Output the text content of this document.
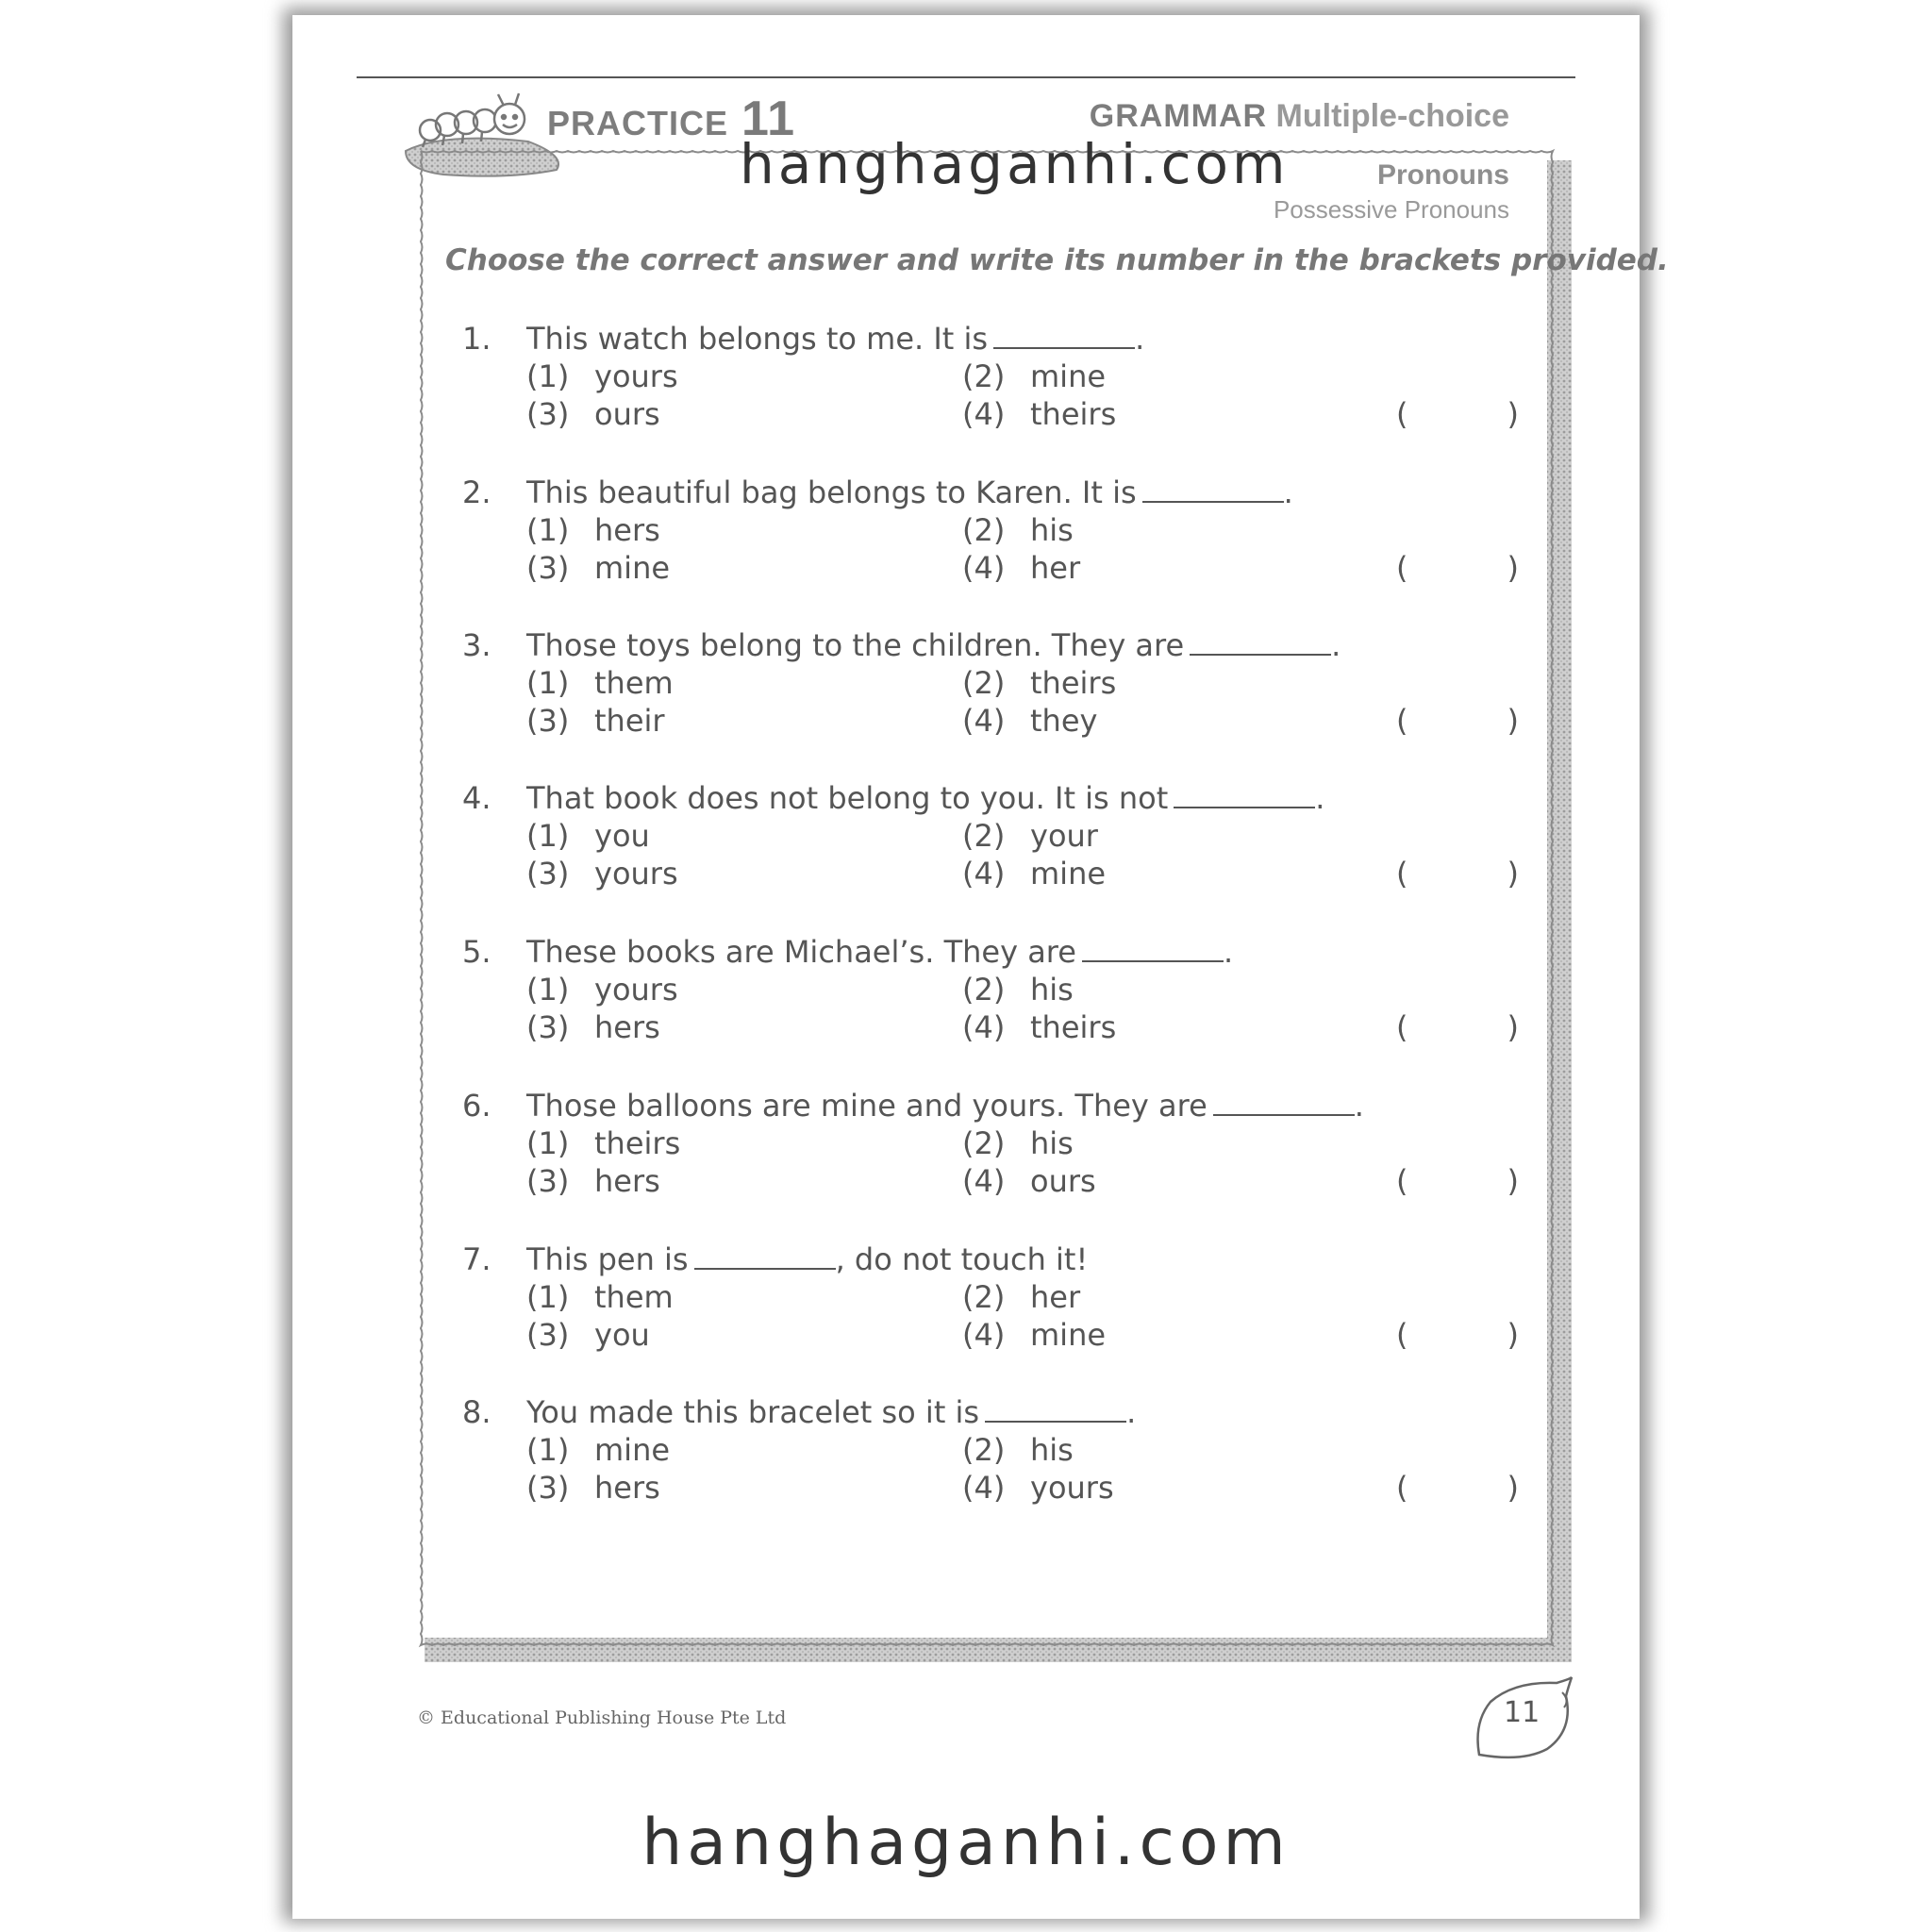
PRACTICE 11	GRAMMAR Multiple-choice
Pronouns
Possessive Pronouns
hanghaganhi.com
Choose the correct answer and write its number in the brackets provided.
1. This watch belongs to me. It is	.
(1) yours	(2) mine
(3) ours	(4) theirs	(	)
2. This beautiful bag belongs to Karen. It is	.
(1) hers	(2) his
(3) mine	(4) her	(	)
3. Those toys belong to the children. They are	.
(1) them	(2) theirs
(3) their	(4) they	(	)
4. That book does not belong to you. It is not	.
(1) you	(2) your
(3) yours	(4) mine	(	)
5. These books are Michael’s. They are	.
(1) yours	(2) his
(3) hers	(4) theirs	(	)
6. Those balloons are mine and yours. They are	.
(1) theirs	(2) his
(3) hers	(4) ours	(	)
7. This pen is	, do not touch it!
(1) them	(2) her
(3) you	(4) mine	(	)
8. You made this bracelet so it is	.
(1) mine	(2) his
(3) hers	(4) yours	(	)
© Educational Publishing House Pte Ltd	11
hanghaganhi.com
